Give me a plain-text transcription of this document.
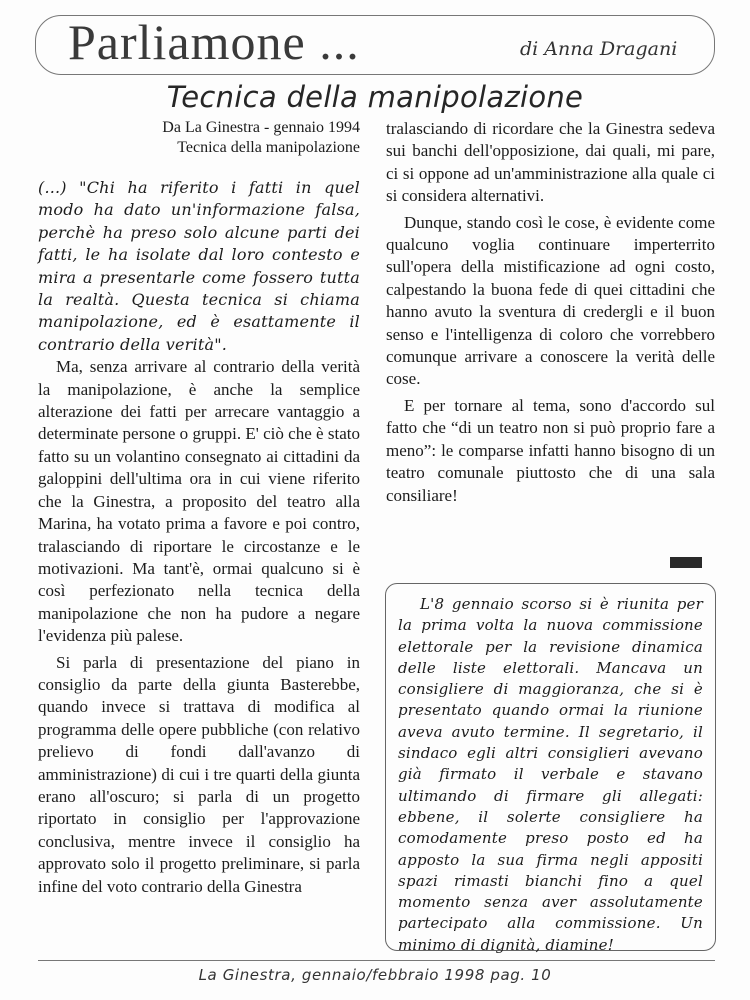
Parliamone ...	di Anna Dragani
Tecnica della manipolazione
Da La Ginestra - gennaio 1994
Tecnica della manipolazione

(...) "Chi ha riferito i fatti in quel modo ha dato un'informazione falsa, perchè ha preso solo alcune parti dei fatti, le ha isolate dal loro contesto e mira a presentarle come fossero tutta la realtà. Questa tecnica si chiama manipolazione, ed è esattamente il contrario della verità".

Ma, senza arrivare al contrario della verità la manipolazione, è anche la semplice alterazione dei fatti per arrecare vantaggio a determinate persone o gruppi. E' ciò che è stato fatto su un volantino consegnato ai cittadini da galoppini dell'ultima ora in cui viene riferito che la Ginestra, a proposito del teatro alla Marina, ha votato prima a favore e poi contro, tralasciando di riportare le circostanze e le motivazioni. Ma tant'è, ormai qualcuno si è così perfezionato nella tecnica della manipolazione che non ha pudore a negare l'evidenza più palese.

Si parla di presentazione del piano in consiglio da parte della giunta Basterebbe, quando invece si trattava di modifica al programma delle opere pubbliche (con relativo prelievo di fondi dall'avanzo di amministrazione) di cui i tre quarti della giunta erano all'oscuro; si parla di un progetto riportato in consiglio per l'approvazione conclusiva, mentre invece il consiglio ha approvato solo il progetto preliminare, si parla infine del voto contrario della Ginestra

tralasciando di ricordare che la Ginestra sedeva sui banchi dell'opposizione, dai quali, mi pare, ci si oppone ad un'amministrazione alla quale ci si considera alternativi.

Dunque, stando così le cose, è evidente come qualcuno voglia continuare imperterrito sull'opera della mistificazione ad ogni costo, calpestando la buona fede di quei cittadini che hanno avuto la sventura di credergli e il buon senso e l'intelligenza di coloro che vorrebbero comunque arrivare a conoscere la verità delle cose.

E per tornare al tema, sono d'accordo sul fatto che “di un teatro non si può proprio fare a meno”: le comparse infatti hanno bisogno di un teatro comunale piuttosto che di una sala consiliare!

L'8 gennaio scorso si è riunita per la prima volta la nuova commissione elettorale per la revisione dinamica delle liste elettorali. Mancava un consigliere di maggioranza, che si è presentato quando ormai la riunione aveva avuto termine. Il segretario, il sindaco egli altri consiglieri avevano già firmato il verbale e stavano ultimando di firmare gli allegati: ebbene, il solerte consigliere ha comodamente preso posto ed ha apposto la sua firma negli appositi spazi rimasti bianchi fino a quel momento senza aver assolutamente partecipato alla commissione. Un minimo di dignità, diamine!

La Ginestra, gennaio/febbraio 1998 pag. 10
